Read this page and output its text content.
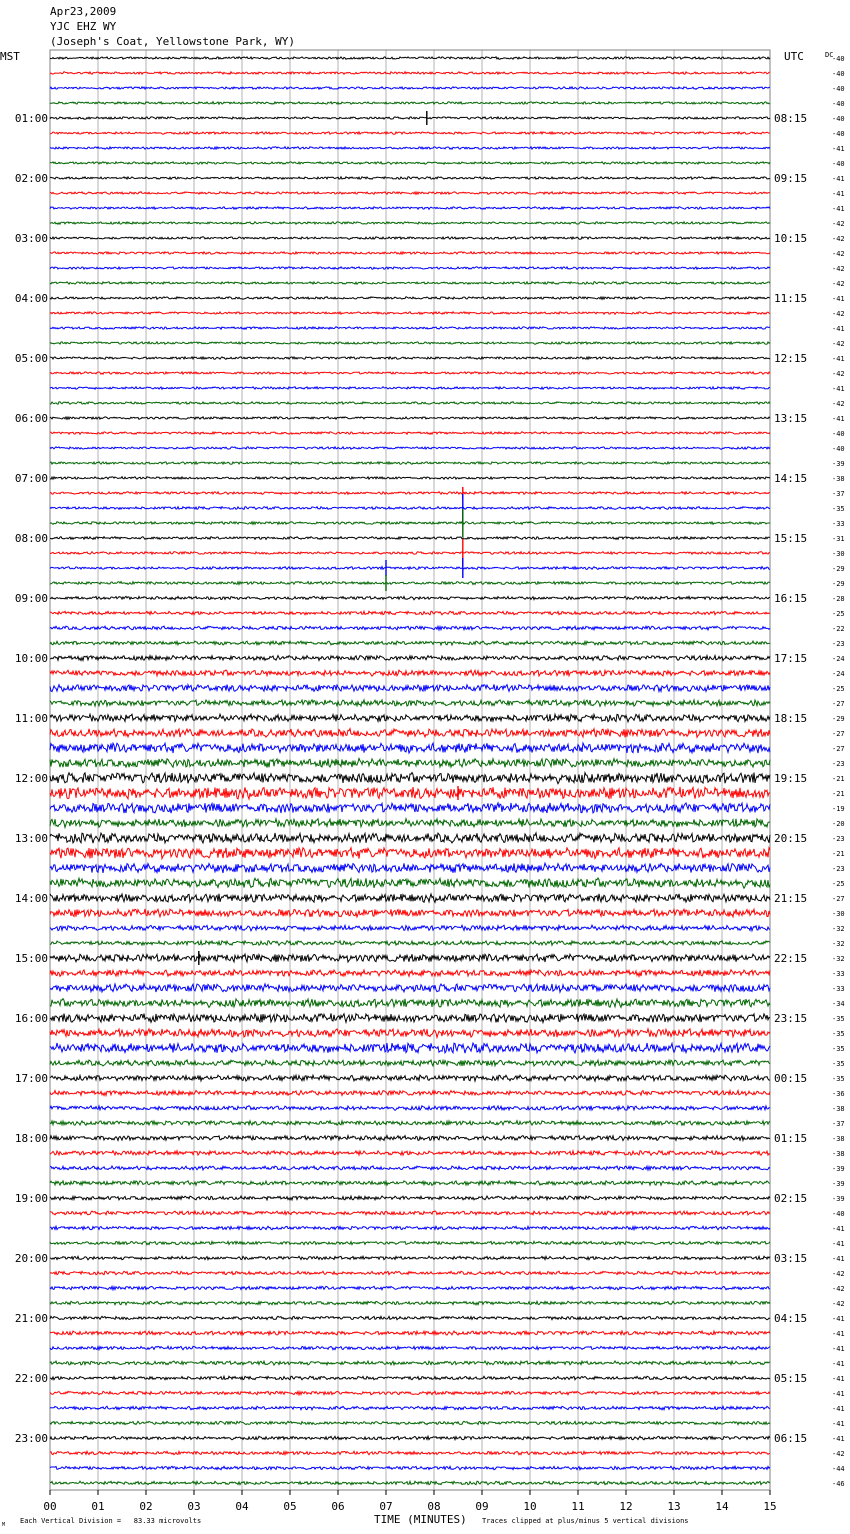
01:00
02:00
03:00
04:00
05:00
06:00
07:00
08:00
09:00
10:00
11:00
12:00
13:00
14:00
15:00
16:00
17:00
18:00
19:00
20:00
21:00
22:00
23:00
08:15
09:15
10:15
11:15
12:15
13:15
14:15
15:15
16:15
17:15
18:15
19:15
20:15
21:15
22:15
23:15
00:15
01:15
02:15
03:15
04:15
05:15
06:15
-40
-40
-40
-40
-40
-40
-41
-40
-41
-41
-41
-42
-42
-42
-42
-42
-41
-42
-41
-42
-41
-42
-41
-42
-41
-40
-40
-39
-38
-37
-35
-33
-31
-30
-29
-29
-28
-25
-22
-23
-24
-24
-25
-27
-29
-27
-27
-23
-21
-21
-19
-20
-23
-21
-23
-25
-27
-30
-32
-32
-32
-33
-33
-34
-35
-35
-35
-35
-35
-36
-38
-37
-38
-38
-39
-39
-39
-40
-41
-41
-41
-42
-42
-42
-41
-41
-41
-41
-41
-41
-41
-41
-41
-42
-44
-46
00	01	02	03	04	05	06	07	08	09	10	11	12	13	14	15
Apr23,2009
YJC EHZ WY
(Joseph's Coat, Yellowstone Park, WY)
MST	UTC	DC
TIME (MINUTES)
Each Vertical Division =   83.33 microvolts	Traces clipped at plus/minus 5 vertical divisions
M
